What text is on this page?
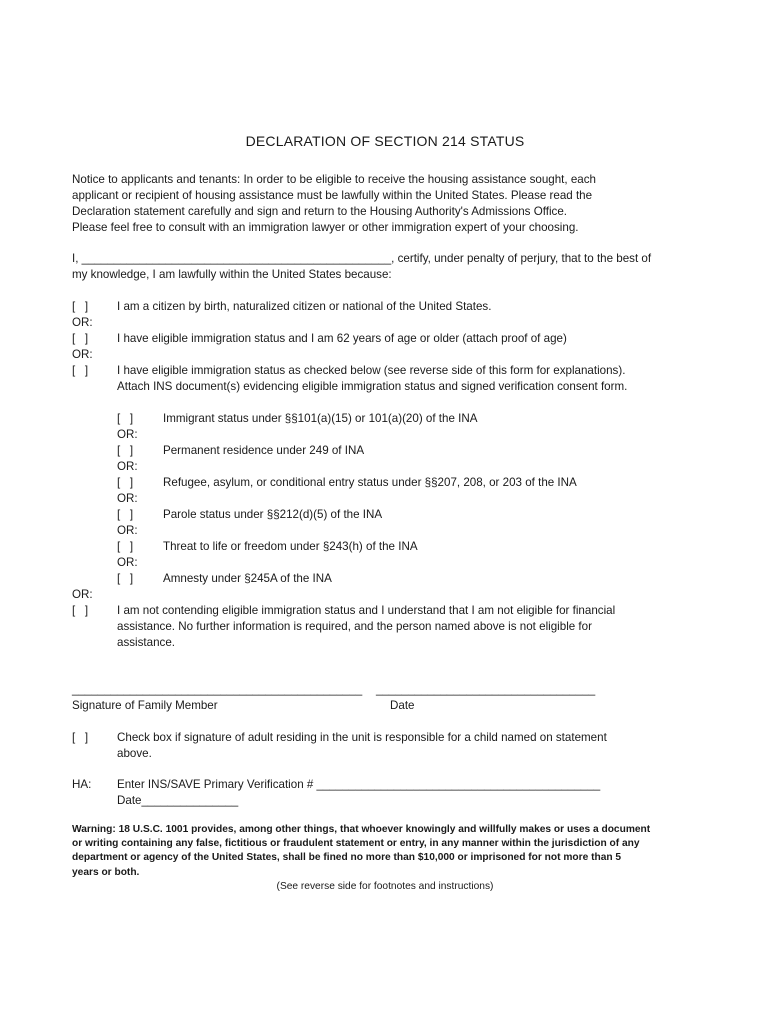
DECLARATION OF SECTION 214 STATUS
Notice to applicants and tenants: In order to be eligible to receive the housing assistance sought, each
applicant or recipient of housing assistance must be lawfully within the United States. Please read the
Declaration statement carefully and sign and return to the Housing Authority's Admissions Office.
Please feel free to consult with an immigration lawyer or other immigration expert of your choosing.
I, ________________________________________________, certify, under penalty of perjury, that to the best of
my knowledge, I am lawfully within the United States because:
[   ] I am a citizen by birth, naturalized citizen or national of the United States.
OR:
[   ] I have eligible immigration status and I am 62 years of age or older (attach proof of age)
OR:
[   ] I have eligible immigration status as checked below (see reverse side of this form for explanations).
Attach INS document(s) evidencing eligible immigration status and signed verification consent form.
[   ]	Immigrant status under §§101(a)(15) or 101(a)(20) of the INA
OR:
[   ]	Permanent residence under 249 of INA
OR:
[   ]	Refugee, asylum, or conditional entry status under §§207, 208, or 203 of the INA
OR:
[   ]	Parole status under §§212(d)(5) of the INA
OR:
[   ]	Threat to life or freedom under §243(h) of the INA
OR:
[   ]	Amnesty under §245A of the INA
OR:
[   ] I am not contending eligible immigration status and I understand that I am not eligible for financial
assistance. No further information is required, and the person named above is not eligible for
assistance.
_____________________________________________
Signature of Family Member
__________________________________
Date
[   ] Check box if signature of adult residing in the unit is responsible for a child named on statement
above.
HA: Enter INS/SAVE Primary Verification # ____________________________________________
Date_______________
Warning: 18 U.S.C. 1001 provides, among other things, that whoever knowingly and willfully makes or uses a document
or writing containing any false, fictitious or fraudulent statement or entry, in any manner within the jurisdiction of any
department or agency of the United States, shall be fined no more than $10,000 or imprisoned for not more than 5
years or both.
(See reverse side for footnotes and instructions)
